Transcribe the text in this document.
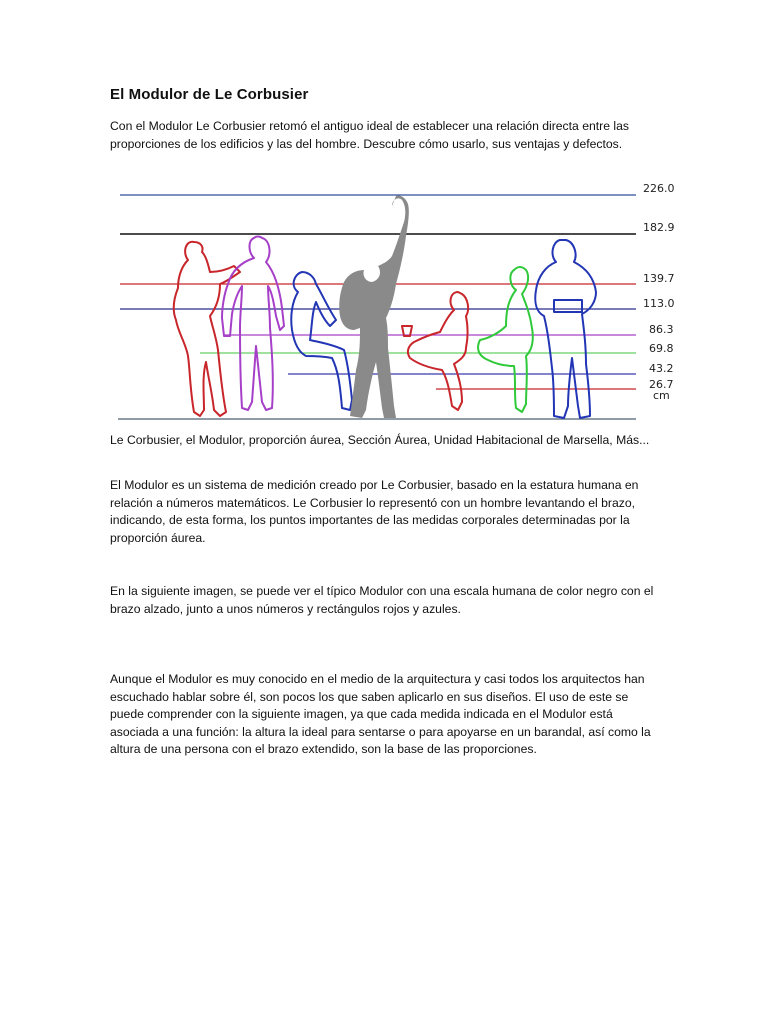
El Modulor de Le Corbusier
Con el Modulor Le Corbusier retomó el antiguo ideal de establecer una relación directa entre las proporciones de los edificios y las del hombre. Descubre cómo usarlo, sus ventajas y defectos.
226.0
182.9
139.7
113.0
86.3
69.8
43.2
26.7
cm
Le Corbusier, el Modulor, proporción áurea, Sección Áurea, Unidad Habitacional de Marsella, Más...
El Modulor es un sistema de medición creado por Le Corbusier, basado en la estatura humana en relación a números matemáticos. Le Corbusier lo representó con un hombre levantando el brazo, indicando, de esta forma, los puntos importantes de las medidas corporales determinadas por la proporción áurea.
En la siguiente imagen, se puede ver el típico Modulor con una escala humana de color negro con el brazo alzado, junto a unos números y rectángulos rojos y azules.
Aunque el Modulor es muy conocido en el medio de la arquitectura y casi todos los arquitectos han escuchado hablar sobre él, son pocos los que saben aplicarlo en sus diseños. El uso de este se puede comprender con la siguiente imagen, ya que cada medida indicada en el Modulor está asociada a una función: la altura la ideal para sentarse o para apoyarse en un barandal, así como la altura de una persona con el brazo extendido, son la base de las proporciones.
